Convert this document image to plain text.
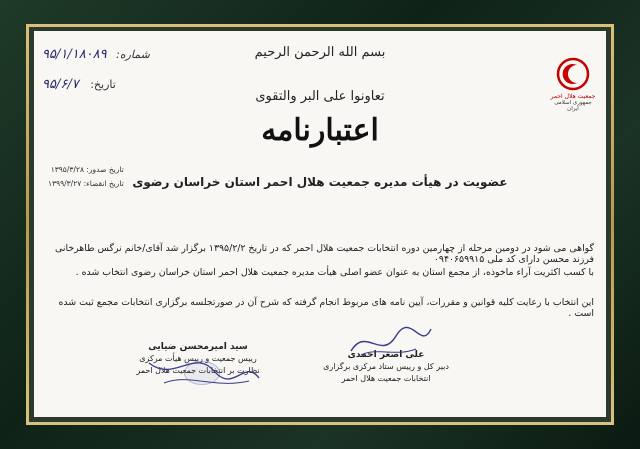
جمعیت هلال احمر
جمهوری اسلامی ایران
شماره: ۹۵/۱/۱۸۰۸۹
تاریخ: ۹۵/۶/۷
بسم الله الرحمن الرحیم
تعاونوا علی البر والتقوی
اعتبارنامه
عضویت در هیأت مدیره جمعیت هلال احمر استان خراسان رضوی
تاریخ صدور: ۱۳۹۵/۳/۲۸
تاریخ انقضاء: ۱۳۹۹/۳/۲۷
گواهی می شود در دومین مرحله از چهارمین دوره انتخابات جمعیت هلال احمر که در تاریخ ۱۳۹۵/۲/۲ برگزار شد آقای/خانم نرگس طاهرخانی فرزند محسن دارای کد ملی ۰۹۴۰۶۵۹۹۱۵
با کسب اکثریت آراء ماخوذه، از مجمع استان به عنوان عضو اصلی هیأت مدیره جمعیت هلال احمر استان خراسان رضوی انتخاب شده .
این انتخاب با رعایت کلیه قوانین و مقررات، آیین نامه های مربوط انجام گرفته که شرح آن در صورتجلسه برگزاری انتخابات مجمع ثبت شده است .
علی اصغر احمدی
دبیر کل و رییس ستاد مرکزی برگزاری
انتخابات جمعیت هلال احمر
سید امیرمحسن ضیایی
رییس جمعیت و رییس هیأت مرکزی
نظارت بر انتخابات جمعیت هلال احمر
